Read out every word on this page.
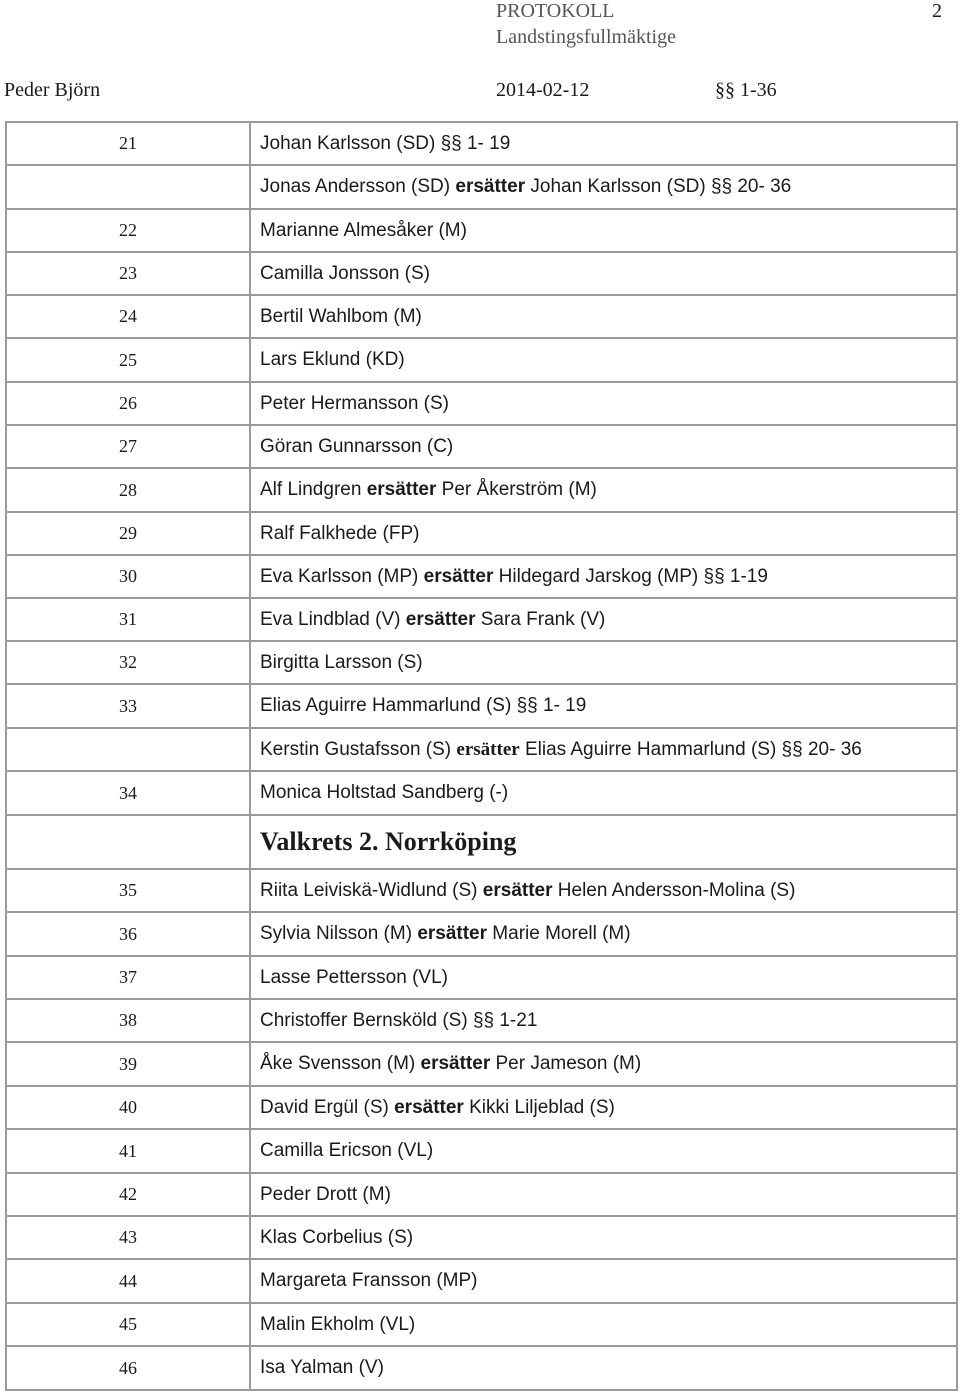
PROTOKOLL	2
Landstingsfullmäktige
Peder Björn	2014-02-12	§§ 1-36
21	Johan Karlsson (SD) §§ 1- 19
	Jonas Andersson (SD) ersätter Johan Karlsson (SD) §§ 20- 36
22	Marianne Almesåker (M)
23	Camilla Jonsson (S)
24	Bertil Wahlbom (M)
25	Lars Eklund (KD)
26	Peter Hermansson (S)
27	Göran Gunnarsson (C)
28	Alf Lindgren ersätter Per Åkerström (M)
29	Ralf Falkhede (FP)
30	Eva Karlsson (MP) ersätter Hildegard Jarskog (MP) §§ 1-19
31	Eva Lindblad (V) ersätter Sara Frank (V)
32	Birgitta Larsson (S)
33	Elias Aguirre Hammarlund (S) §§ 1- 19
	Kerstin Gustafsson (S) ersätter Elias Aguirre Hammarlund (S) §§ 20- 36
34	Monica Holtstad Sandberg (-)
	Valkrets 2. Norrköping
35	Riita Leiviskä-Widlund (S) ersätter Helen Andersson-Molina (S)
36	Sylvia Nilsson (M) ersätter Marie Morell (M)
37	Lasse Pettersson (VL)
38	Christoffer Bernsköld (S) §§ 1-21
39	Åke Svensson (M) ersätter Per Jameson (M)
40	David Ergül (S) ersätter Kikki Liljeblad (S)
41	Camilla Ericson (VL)
42	Peder Drott (M)
43	Klas Corbelius (S)
44	Margareta Fransson (MP)
45	Malin Ekholm (VL)
46	Isa Yalman (V)
